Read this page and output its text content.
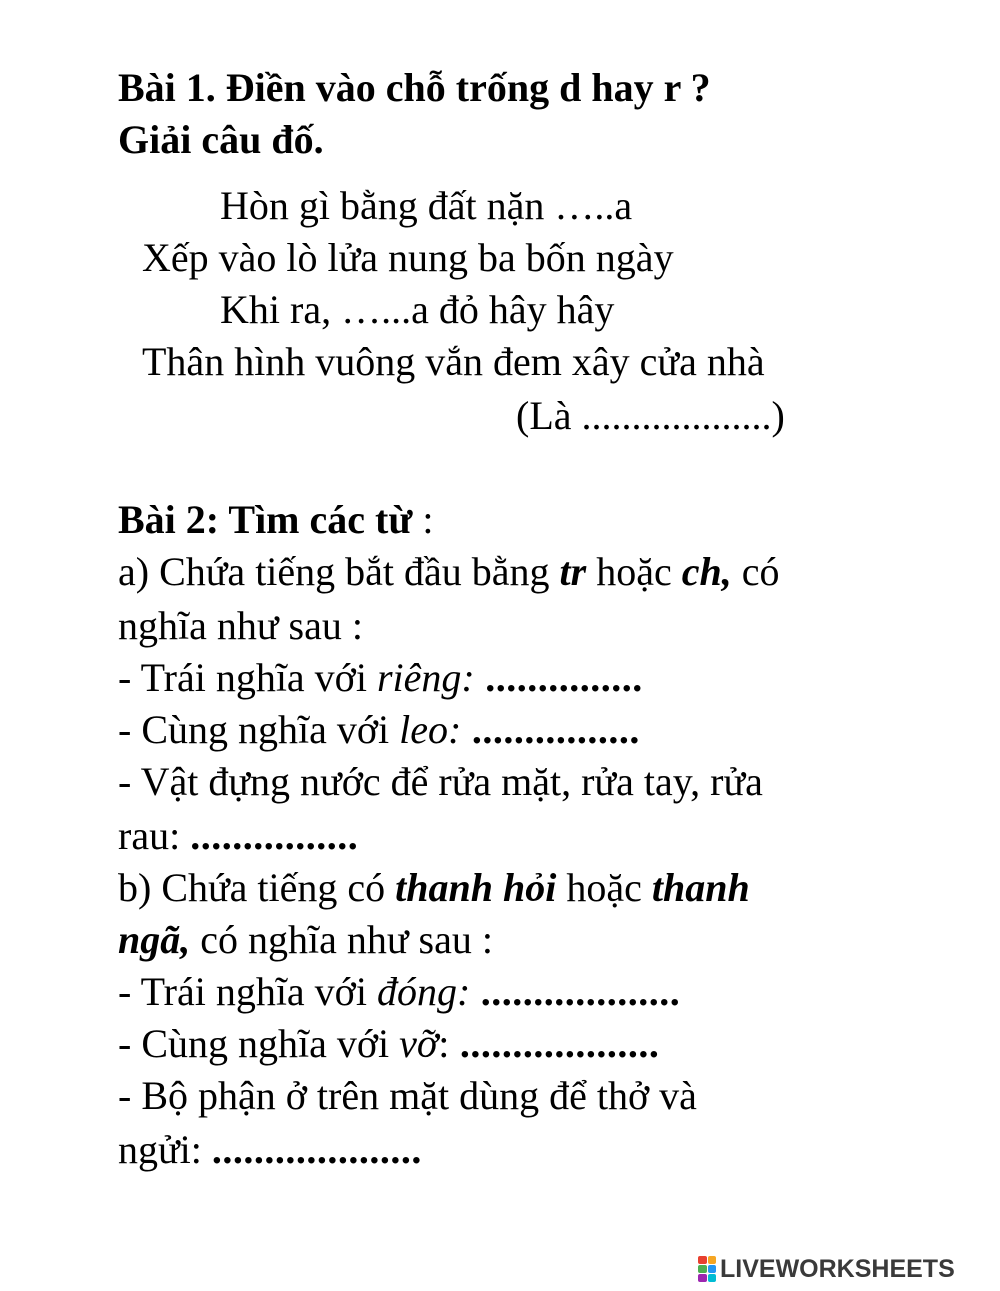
Bài 1. Điền vào chỗ trống d hay r ?
Giải câu đố.
Hòn gì bằng đất nặn …..a
Xếp vào lò lửa nung ba bốn ngày
Khi ra, …...a đỏ hây hây
Thân hình vuông vắn đem xây cửa nhà
(Là ...................)
Bài 2: Tìm các từ :
a) Chứa tiếng bắt đầu bằng tr hoặc ch, có
nghĩa như sau :
- Trái nghĩa với riêng: ...............
- Cùng nghĩa với leo: ................
- Vật đựng nước để rửa mặt, rửa tay, rửa
rau: ................
b) Chứa tiếng có thanh hỏi hoặc thanh
ngã, có nghĩa như sau :
- Trái nghĩa với đóng: ...................
- Cùng nghĩa với vỡ: ...................
- Bộ phận ở trên mặt dùng để thở và
ngửi: ....................
LIVEWORKSHEETS
